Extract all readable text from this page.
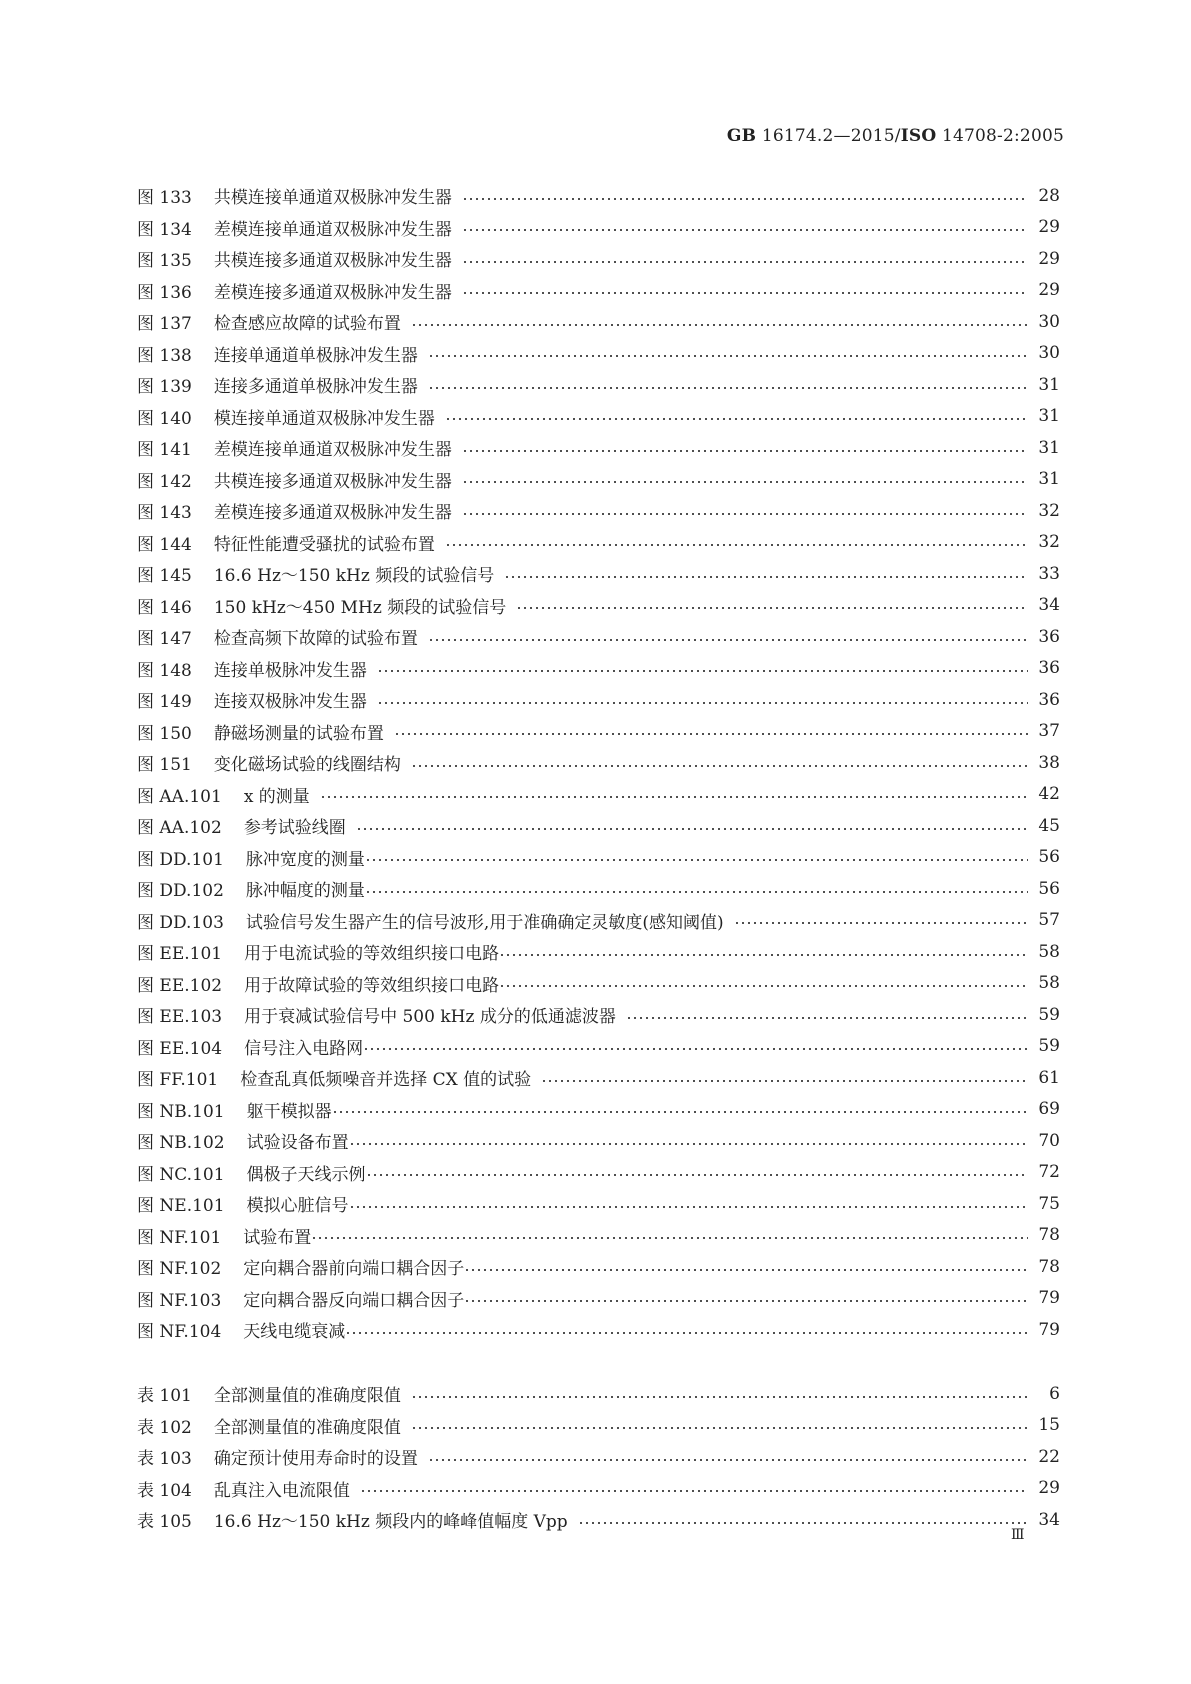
GB 16174.2—2015/ISO 14708-2:2005
图 133 共模连接单通道双极脉冲发生器	28
图 134 差模连接单通道双极脉冲发生器	29
图 135 共模连接多通道双极脉冲发生器	29
图 136 差模连接多通道双极脉冲发生器	29
图 137 检查感应故障的试验布置	30
图 138 连接单通道单极脉冲发生器	30
图 139 连接多通道单极脉冲发生器	31
图 140 模连接单通道双极脉冲发生器	31
图 141 差模连接单通道双极脉冲发生器	31
图 142 共模连接多通道双极脉冲发生器	31
图 143 差模连接多通道双极脉冲发生器	32
图 144 特征性能遭受骚扰的试验布置	32
图 145 16.6 Hz～150 kHz 频段的试验信号	33
图 146 150 kHz～450 MHz 频段的试验信号	34
图 147 检查高频下故障的试验布置	36
图 148 连接单极脉冲发生器	36
图 149 连接双极脉冲发生器	36
图 150 静磁场测量的试验布置	37
图 151 变化磁场试验的线圈结构	38
图 AA.101 x 的测量	42
图 AA.102 参考试验线圈	45
图 DD.101 脉冲宽度的测量	56
图 DD.102 脉冲幅度的测量	56
图 DD.103 试验信号发生器产生的信号波形,用于准确确定灵敏度(感知阈值)	57
图 EE.101 用于电流试验的等效组织接口电路	58
图 EE.102 用于故障试验的等效组织接口电路	58
图 EE.103 用于衰减试验信号中 500 kHz 成分的低通滤波器	59
图 EE.104 信号注入电路网	59
图 FF.101 检查乱真低频噪音并选择 CX 值的试验	61
图 NB.101 躯干模拟器	69
图 NB.102 试验设备布置	70
图 NC.101 偶极子天线示例	72
图 NE.101 模拟心脏信号	75
图 NF.101 试验布置	78
图 NF.102 定向耦合器前向端口耦合因子	78
图 NF.103 定向耦合器反向端口耦合因子	79
图 NF.104 天线电缆衰减	79
表 101 全部测量值的准确度限值	6
表 102 全部测量值的准确度限值	15
表 103 确定预计使用寿命时的设置	22
表 104 乱真注入电流限值	29
表 105 16.6 Hz～150 kHz 频段内的峰峰值幅度 Vpp	34
Ⅲ
